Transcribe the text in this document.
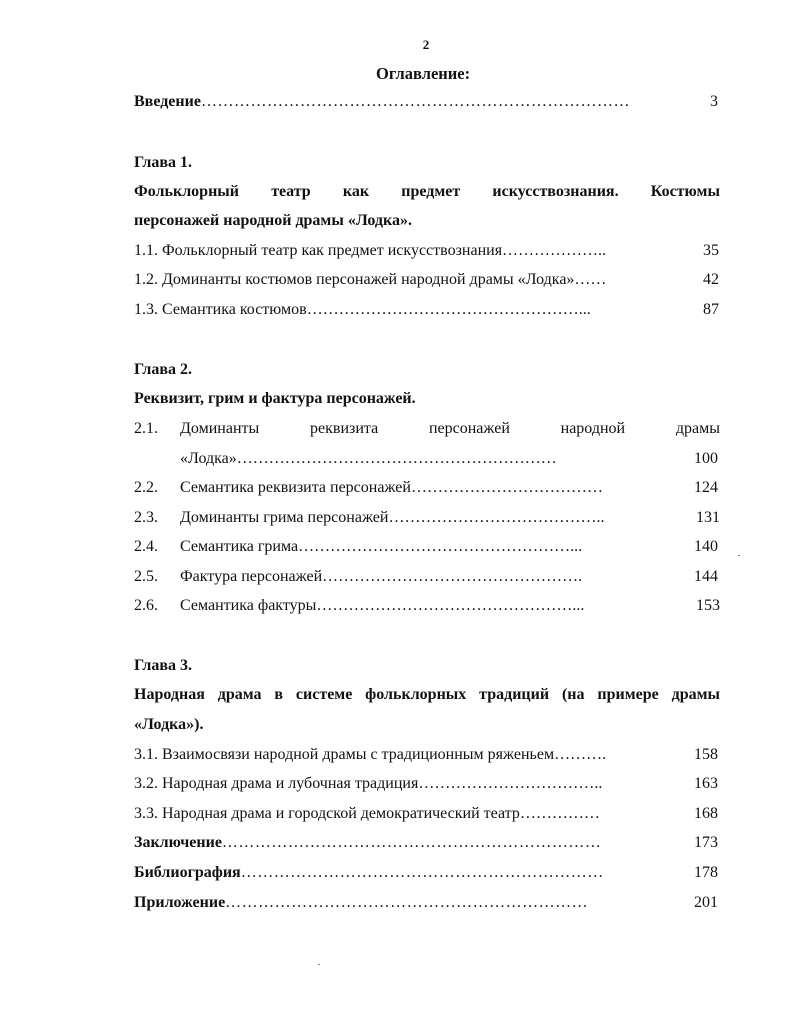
2
Оглавление:
Введение……………………………………………………………………	3
Глава 1.
Фольклорный театр как предмет искусствознания. Костюмы
персонажей народной драмы «Лодка».
1.1. Фольклорный театр как предмет искусствознания………………..	35
1.2. Доминанты костюмов персонажей народной драмы «Лодка»……	42
1.3. Семантика костюмов……………………………………………...	87
Глава 2.
Реквизит, грим и фактура персонажей.
2.1. Доминанты	реквизита	персонажей	народной	драмы
«Лодка»……………………………………………………	100
2.2. Семантика реквизита персонажей………………………………	124
2.3. Доминанты грима персонажей…………………………………..	131
2.4. Семантика грима……………………………………………...	140
2.5. Фактура персонажей………………………………………….	144
2.6. Семантика фактуры…………………………………………...	153
Глава 3.
Народная драма в системе фольклорных традиций (на примере драмы
«Лодка»).
3.1. Взаимосвязи народной драмы с традиционным ряженьем……….	158
3.2. Народная драма и лубочная традиция……………………………..	163
3.3. Народная драма и городской демократический театр……………	168
Заключение……………………………………………………………	173
Библиография…………………………………………………………	178
Приложение…………………………………………………………	201
